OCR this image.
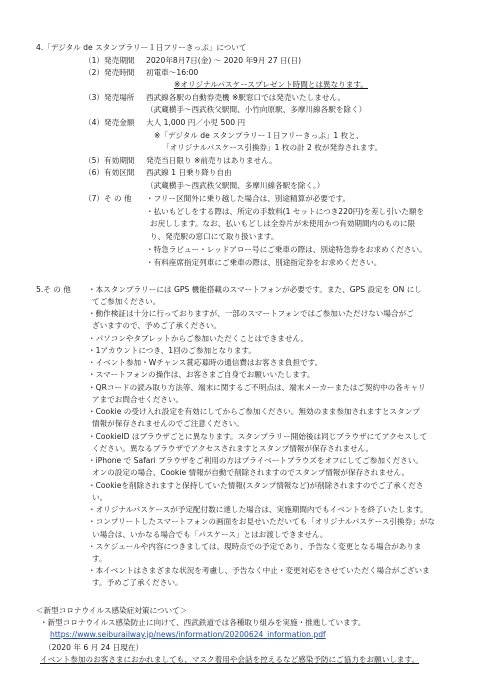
4.「デジタル de スタンプラリー１日フリーきっぷ」について
（1）発売期間 2020年8月7日(金) ～ 2020 年9月 27 日(日)
（2）発売時間 初電車～16:00
※オリジナルパスケースプレゼント時間とは異なります。
（3）発売場所 西武線各駅の自動券売機 ※駅窓口では発売いたしません。
（武蔵横手～西武秩父駅間、小竹向原駅、多摩川線各駅を除く）
（4）発売金額 大人 1,000 円／小児 500 円
※「デジタル de スタンプラリー１日フリーきっぷ」1 枚と、
「オリジナルパスケース引換券」1 枚の計 2 枚が発券されます。
（5）有効期間 発売当日限り ※前売りはありません。
（6）有効区間 西武線 1 日乗り降り自由
（武蔵横手～西武秩父駅間、多摩川線各駅を除く。）
（7）そ の 他 ・フリー区間外に乗り越した場合は、別途精算が必要です。
・払いもどしをする際は、所定の手数料(1 セットにつき220円)を差し引いた額を
お戻しします。なお、払いもどしは全券片が未使用かつ有効期間内のものに限
り、発売駅の窓口にて取り扱います。
・特急ラビュー・レッドアロー号にご乗車の際は、別途特急券をお求めください。
・有料座席指定列車にご乗車の際は、別途指定券をお求めください。
5.そ の 他 ・本スタンプラリーには GPS 機能搭載のスマートフォンが必要です。また、GPS 設定を ON にし
てご参加ください。
・動作検証は十分に行っておりますが、一部のスマートフォンではご参加いただけない場合がご
ざいますので、予めご了承ください。
・パソコンやタブレットからご参加いただくことはできません。
・1アカウントにつき、1回のご参加となります。
・イベント参加・Wチャンス賞応募時の通信費はお客さま負担です。
・スマートフォンの操作は、お客さまご自身でお願いいたします。
・QRコードの読み取り方法等、端末に関するご不明点は、端末メーカーまたはご契約中の各キャリ
アまでお問合せください。
・Cookie の受け入れ設定を有効にしてからご参加ください。無効のまま参加されますとスタンプ
情報が保存されませんのでご注意ください。
・CookieID はブラウザごとに異なります。スタンプラリー開始後は同じブラウザにてアクセスして
ください。異なるブラウザでアクセスされますとスタンプ情報が保存されません。
・iPhone で Safari ブラウザをご利用の方はプライベートブラウズをオフにしてご参加ください。
オンの設定の場合、Cookie 情報が自動で削除されますのでスタンプ情報が保存されません。
・Cookieを削除されますと保持していた情報(スタンプ情報など)が削除されますのでご了承くださ
い。
・オリジナルパスケースが予定配付数に達した場合は、実施期間内でもイベントを終了いたします。
・コンプリートしたスマートフォンの画面をお見せいただいても「オリジナルパスケース引換券」がな
い場合は、いかなる場合でも「パスケース」とはお渡しできません。
・スケジュールや内容につきましては、現時点での予定であり、予告なく変更となる場合がありま
す。
・本イベントはさまざまな状況を考慮し、予告なく中止・変更対応をさせていただく場合がございま
す。予めご了承ください。
＜新型コロナウイルス感染症対策について＞
・新型コロナウイルス感染防止に向けて、西武鉄道では各種取り組みを実施・推進しています。
https://www.seiburailway.jp/news/information/20200624_information.pdf
（2020 年 6 月 24 日現在）
イベント参加のお客さまにおかれましても、マスク着用や会話を控えるなど感染予防にご協力をお願いします。
